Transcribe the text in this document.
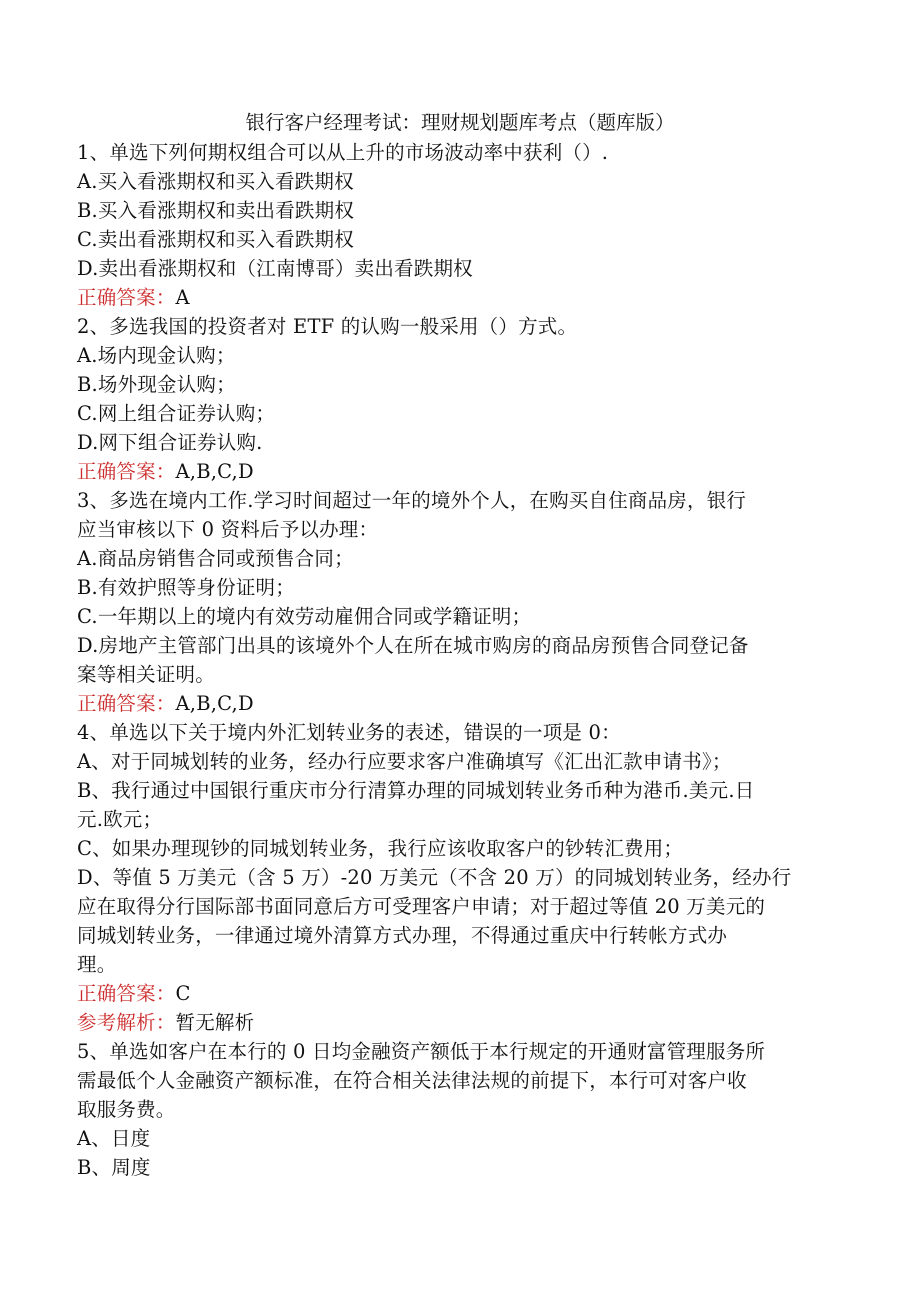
银行客户经理考试：理财规划题库考点（题库版）
1、单选下列何期权组合可以从上升的市场波动率中获利（）.
A.买入看涨期权和买入看跌期权
B.买入看涨期权和卖出看跌期权
C.卖出看涨期权和买入看跌期权
D.卖出看涨期权和（江南博哥）卖出看跌期权
正确答案：A
2、多选我国的投资者对 ETF 的认购一般采用（）方式。
A.场内现金认购；
B.场外现金认购；
C.网上组合证券认购；
D.网下组合证券认购.
正确答案：A,B,C,D
3、多选在境内工作.学习时间超过一年的境外个人，在购买自住商品房，银行
应当审核以下 0 资料后予以办理：
A.商品房销售合同或预售合同；
B.有效护照等身份证明；
C.一年期以上的境内有效劳动雇佣合同或学籍证明；
D.房地产主管部门出具的该境外个人在所在城市购房的商品房预售合同登记备
案等相关证明。
正确答案：A,B,C,D
4、单选以下关于境内外汇划转业务的表述，错误的一项是 0：
A、对于同城划转的业务，经办行应要求客户准确填写《汇出汇款申请书》；
B、我行通过中国银行重庆市分行清算办理的同城划转业务币种为港币.美元.日
元.欧元；
C、如果办理现钞的同城划转业务，我行应该收取客户的钞转汇费用；
D、等值 5 万美元（含 5 万）-20 万美元（不含 20 万）的同城划转业务，经办行
应在取得分行国际部书面同意后方可受理客户申请；对于超过等值 20 万美元的
同城划转业务，一律通过境外清算方式办理，不得通过重庆中行转帐方式办
理。
正确答案：C
参考解析：暂无解析
5、单选如客户在本行的 0 日均金融资产额低于本行规定的开通财富管理服务所
需最低个人金融资产额标准，在符合相关法律法规的前提下，本行可对客户收
取服务费。
A、日度
B、周度
